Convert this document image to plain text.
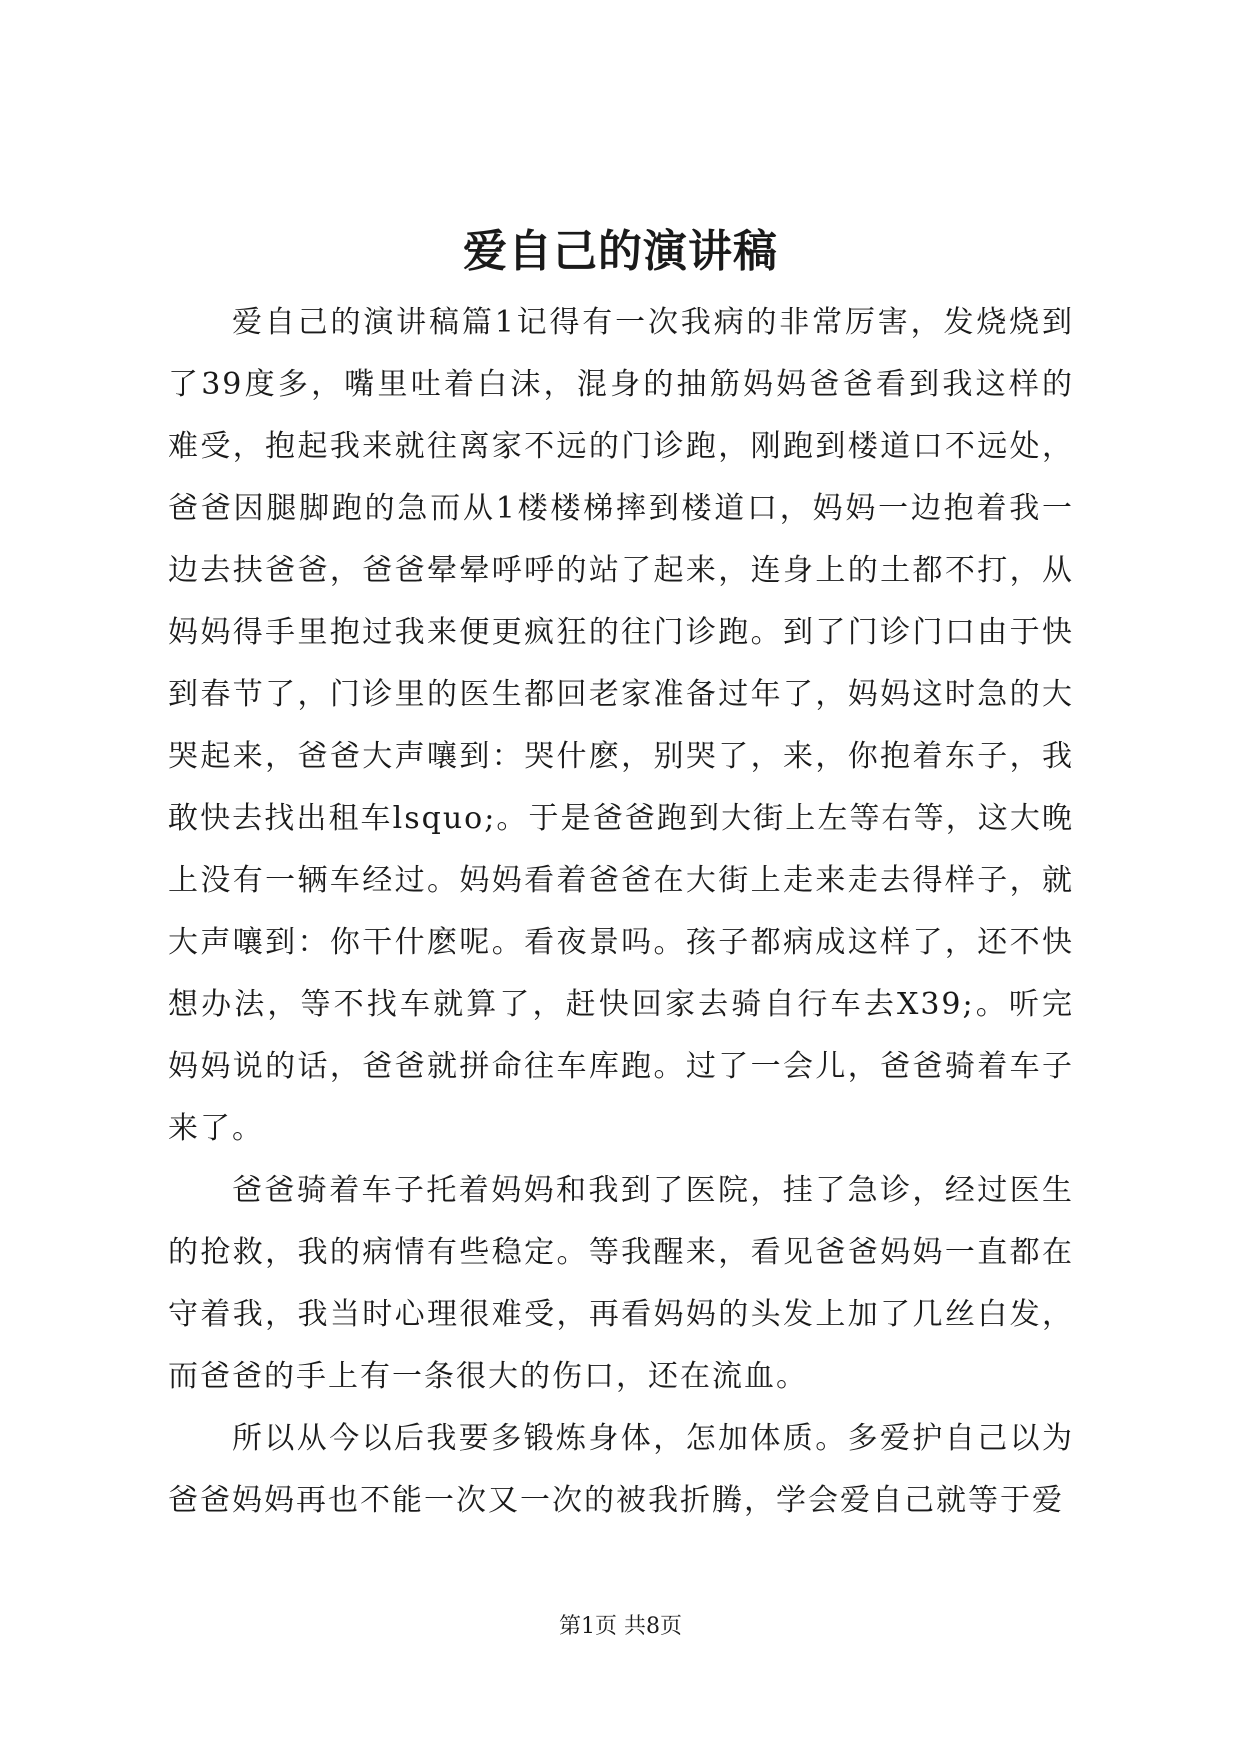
爱自己的演讲稿

爱自己的演讲稿篇1记得有一次我病的非常厉害，发烧烧到了39度多，嘴里吐着白沫，混身的抽筋妈妈爸爸看到我这样的难受，抱起我来就往离家不远的门诊跑，刚跑到楼道口不远处，爸爸因腿脚跑的急而从1楼楼梯摔到楼道口，妈妈一边抱着我一边去扶爸爸，爸爸晕晕呼呼的站了起来，连身上的土都不打，从妈妈得手里抱过我来便更疯狂的往门诊跑。到了门诊门口由于快到春节了，门诊里的医生都回老家准备过年了，妈妈这时急的大哭起来，爸爸大声嚷到：哭什麽，别哭了，来，你抱着东子，我敢快去找出租车lsquo;。于是爸爸跑到大街上左等右等，这大晚上没有一辆车经过。妈妈看着爸爸在大街上走来走去得样子，就大声嚷到：你干什麽呢。看夜景吗。孩子都病成这样了，还不快想办法，等不找车就算了，赶快回家去骑自行车去X39;。听完妈妈说的话，爸爸就拼命往车库跑。过了一会儿，爸爸骑着车子来了。

爸爸骑着车子托着妈妈和我到了医院，挂了急诊，经过医生的抢救，我的病情有些稳定。等我醒来，看见爸爸妈妈一直都在守着我，我当时心理很难受，再看妈妈的头发上加了几丝白发，而爸爸的手上有一条很大的伤口，还在流血。

所以从今以后我要多锻炼身体，怎加体质。多爱护自己以为爸爸妈妈再也不能一次又一次的被我折腾，学会爱自己就等于爱

第1页 共8页
